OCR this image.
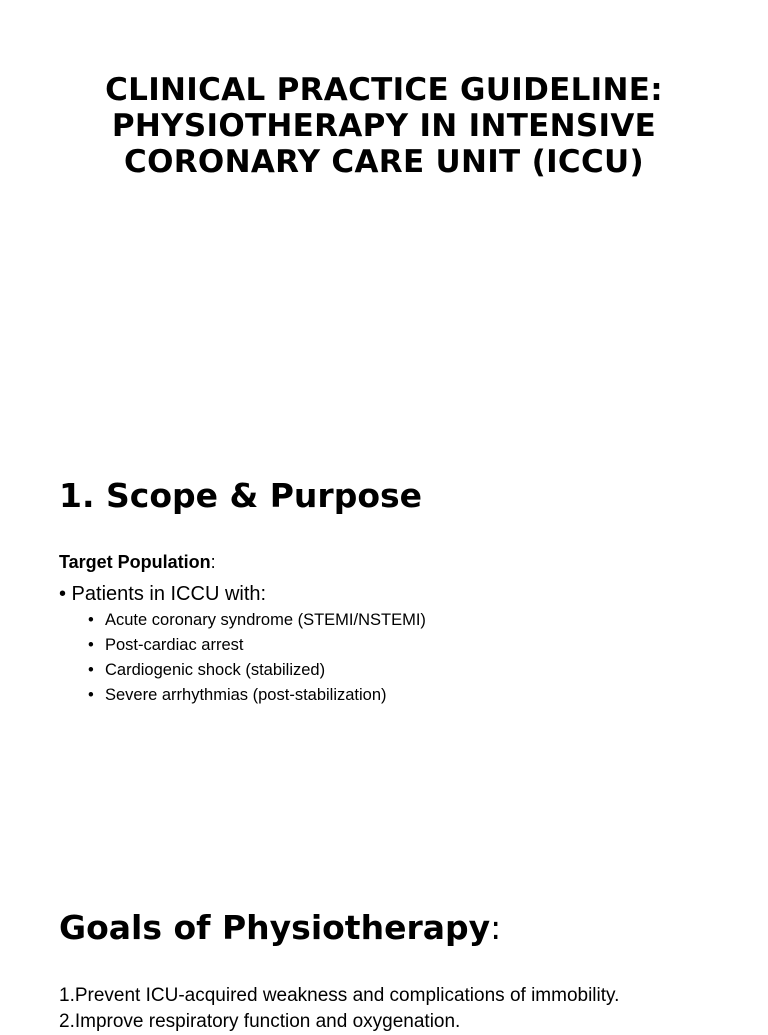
CLINICAL PRACTICE GUIDELINE: PHYSIOTHERAPY IN INTENSIVE CORONARY CARE UNIT (ICCU)
1. Scope & Purpose

Target Population:

• Patients in ICCU with:

• Acute coronary syndrome (STEMI/NSTEMI)
• Post-cardiac arrest
• Cardiogenic shock (stabilized)
• Severe arrhythmias (post-stabilization)
Goals of Physiotherapy:
1.Prevent ICU-acquired weakness and complications of immobility.
2.Improve respiratory function and oxygenation.
